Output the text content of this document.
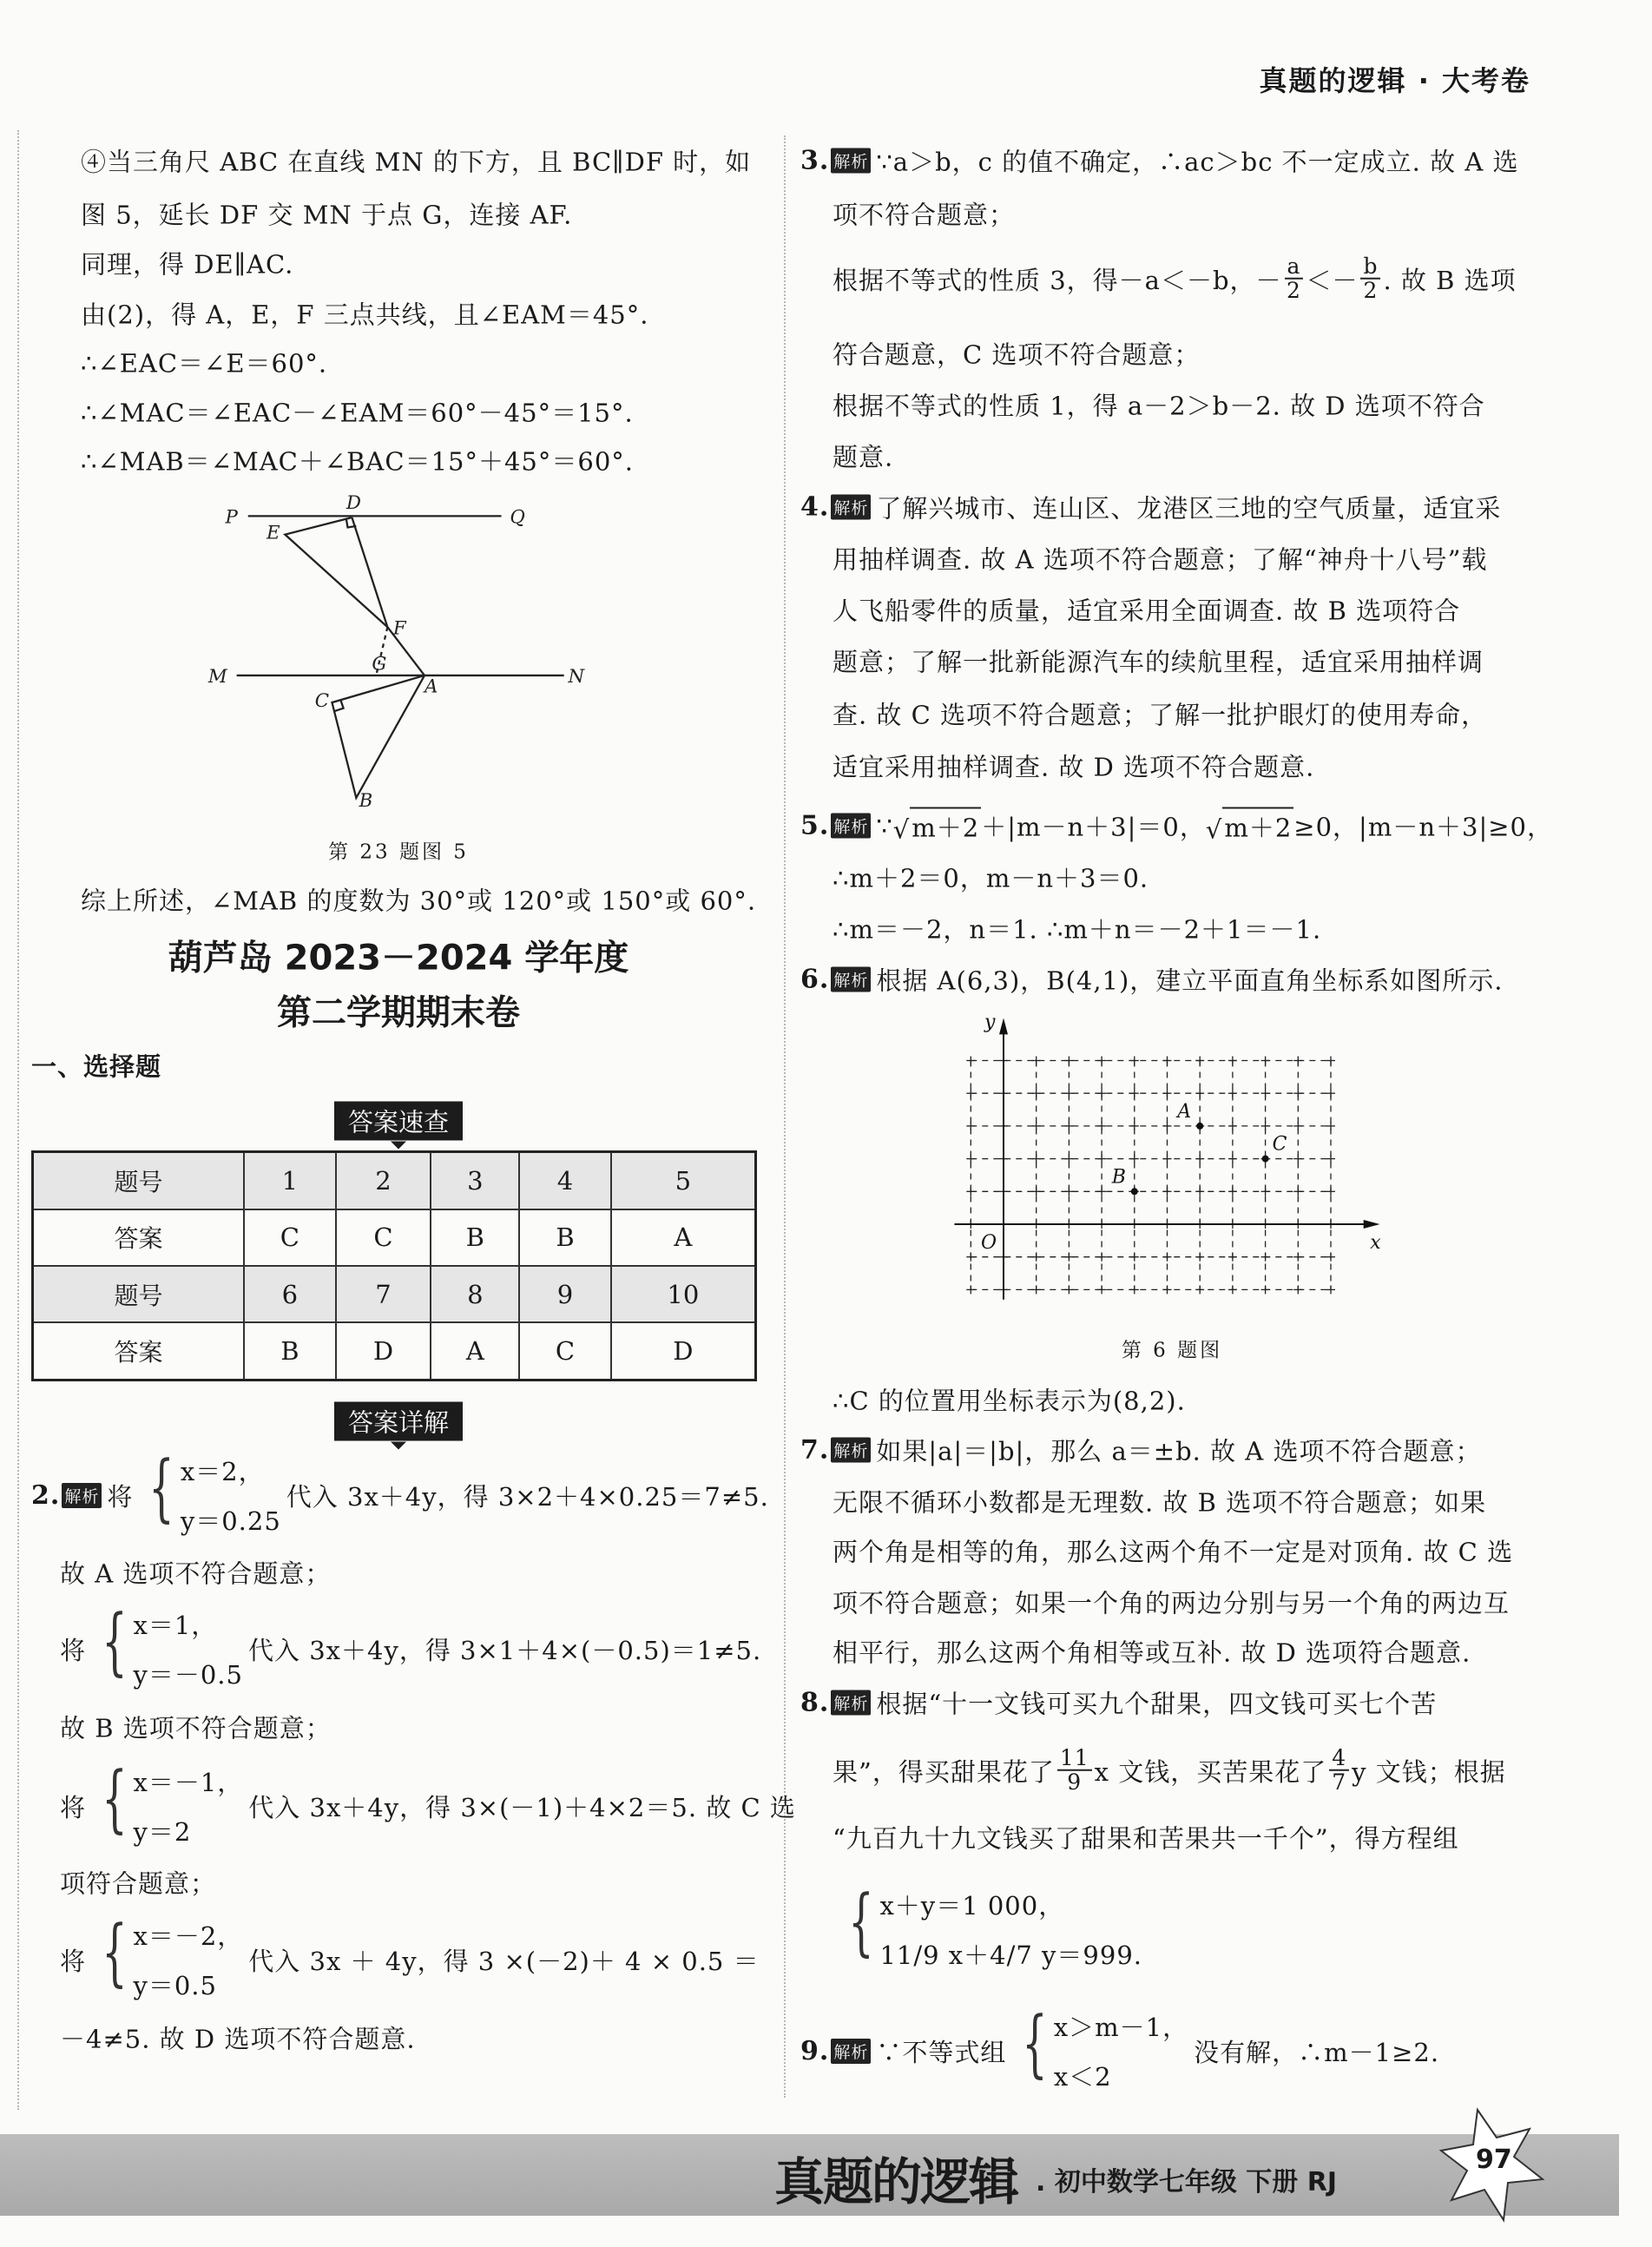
真题的逻辑 · 大考卷
④当三角尺 ABC 在直线 MN 的下方，且 BC∥DF 时，如
图 5，延长 DF 交 MN 于点 G，连接 AF.
同理，得 DE∥AC.
由(2)，得 A，E，F 三点共线，且∠EAM＝45°.
∴∠EAC＝∠E＝60°.
∴∠MAC＝∠EAC－∠EAM＝60°－45°＝15°.
∴∠MAB＝∠MAC＋∠BAC＝15°＋45°＝60°.
2. 解析 将 { x＝2，
y＝0.25
代入 3x＋4y，得 3×2＋4×0.25＝7≠5.
故 A 选项不符合题意；
将 { x＝1，
y＝－0.5
代入 3x＋4y，得 3×1＋4×(－0.5)＝1≠5.
故 B 选项不符合题意；
将 { x＝－1，
y＝2
代入 3x＋4y，得 3×(－1)＋4×2＝5. 故 C 选
项符合题意；
将 { x＝－2，
y＝0.5
代入 3x ＋ 4y，得 3 ×(－2)＋ 4 × 0.5 ＝
－4≠5. 故 D 选项不符合题意.
3. 解析 ∵a＞b，c 的值不确定，∴ac＞bc 不一定成立. 故 A 选
项不符合题意；
根据不等式的性质 3，得－a＜－b，－ $\frac{a}{2} <- \frac{b}{2}$ . 故 B 选项
符合题意，C 选项不符合题意；
根据不等式的性质 1，得 a－2＞b－2. 故 D 选项不符合
题意.
4. 解析 了解兴城市、连山区、龙港区三地的空气质量，适宜采
用抽样调查. 故 A 选项不符合题意；了解“神舟十八号”载
人飞船零件的质量，适宜采用全面调查. 故 B 选项符合
题意；了解一批新能源汽车的续航里程，适宜采用抽样调
查. 故 C 选项不符合题意；了解一批护眼灯的使用寿命，
适宜采用抽样调查. 故 D 选项不符合题意.
5. 解析 ∵ √ m＋2 ＋|m－n＋3|＝0， √ m＋2 ≥0，|m－n＋3|≥0，
∴m＋2＝0，m－n＋3＝0.
∴m＝－2，n＝1. ∴m＋n＝－2＋1＝－1.
6. 解析 根据 A(6,3)，B(4,1)，建立平面直角坐标系如图所示.
7. 解析 如果|a|＝|b|，那么 a＝±b. 故 A 选项不符合题意；
无限不循环小数都是无理数. 故 B 选项不符合题意；如果
两个角是相等的角，那么这两个角不一定是对顶角. 故 C 选
项不符合题意；如果一个角的两边分别与另一个角的两边互
相平行，那么这两个角相等或互补. 故 D 选项符合题意.
8. 解析 根据“十一文钱可买九个甜果，四文钱可买七个苦
果”，得买甜果花了 $\frac{11}{9}$ x 文钱，买苦果花了 $\frac{4}{7}$ y 文钱；根据
“九百九十九文钱买了甜果和苦果共一千个”，得方程组
{ x＋y＝1 000，
11/9 x＋4/7 y＝999.
9. 解析 ∵不等式组 { x＞m－1，
x＜2
没有解，∴m－1≥2.
P
D
Q
E
F
G
M	N
C
A
B
第 23 题图 5
综上所述，∠MAB 的度数为 30°或 120°或 150°或 60°.
葫芦岛 2023－2024 学年度
第二学期期末卷
一、选择题
答案速查
题号	1	2	3	4	5
答案	C	C	B	B	A
题号	6	7	8	9	10
答案	B	D	A	C	D
答案详解
x
y
O
A
B
C
第 6 题图
∴C 的位置用坐标表示为(8,2).
真题的逻辑 . 初中数学七年级 下册 RJ
97
